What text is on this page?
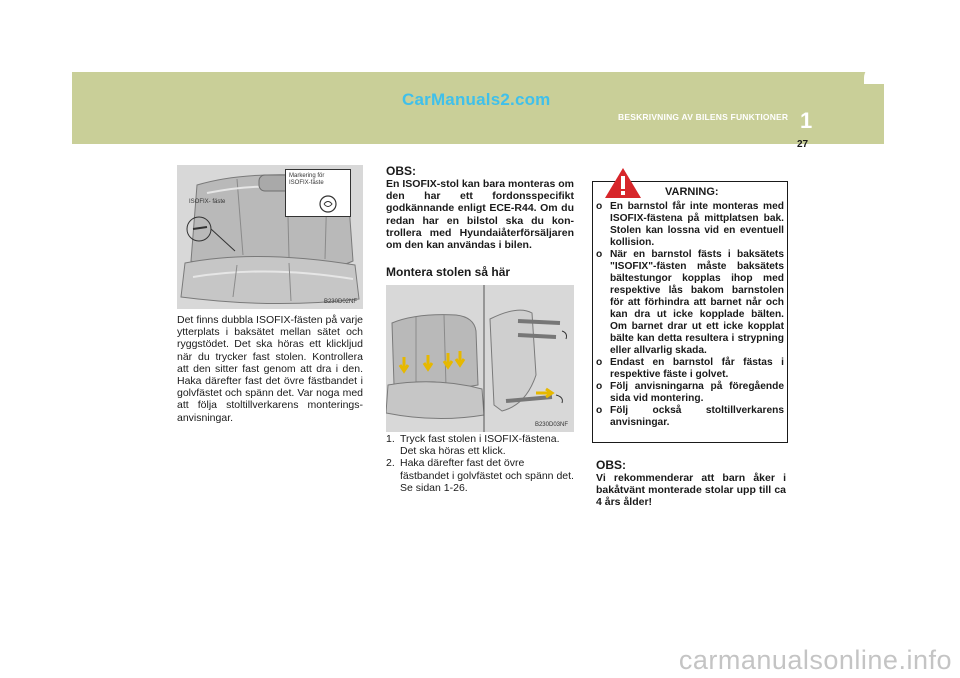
CarManuals2.com
BESKRIVNING AV BILENS FUNKTIONER 1
27
ISOFIX- fäste
Markering för
ISOFIX-fäste
B230D02NF
Det finns dubbla ISOFIX-fästen på varje ytterplats i baksätet mellan sätet och ryggstödet. Det ska höras ett klickljud när du trycker fast stolen. Kontrollera att den sitter fast genom att dra i den. Haka därefter fast det övre fästbandet i golvfästet och spänn det. Var noga med att följa stoltillverkarens monterings-anvisningar.
OBS:
En ISOFIX-stol kan bara monteras om den har ett fordonsspecifikt godkännande enligt ECE-R44. Om du redan har en bilstol ska du kon-trollera med Hyundaiåterförsäljaren om den kan användas i bilen.
Montera stolen så här
B230D03NF
1. Tryck fast stolen i ISOFIX-fästena. Det ska höras ett klick.
2. Haka därefter fast det övre fästbandet i golvfästet och spänn det. Se sidan 1-26.
VARNING:
o En barnstol får inte monteras med ISOFIX-fästena på mittplatsen bak. Stolen kan lossna vid en eventuell kollision.
o När en barnstol fästs i baksätets "ISOFIX"-fästen måste baksätets bältestungor kopplas ihop med respektive lås bakom barnstolen för att förhindra att barnet når och kan dra ut icke kopplade bälten. Om barnet drar ut ett icke kopplat bälte kan detta resultera i strypning eller allvarlig skada.
o Endast en barnstol får fästas i respektive fäste i golvet.
o Följ anvisningarna på föregående sida vid montering.
o Följ också stoltillverkarens anvisningar.
OBS:
Vi rekommenderar att barn åker i bakåtvänt monterade stolar upp till ca 4 års ålder!
carmanualsonline.info
